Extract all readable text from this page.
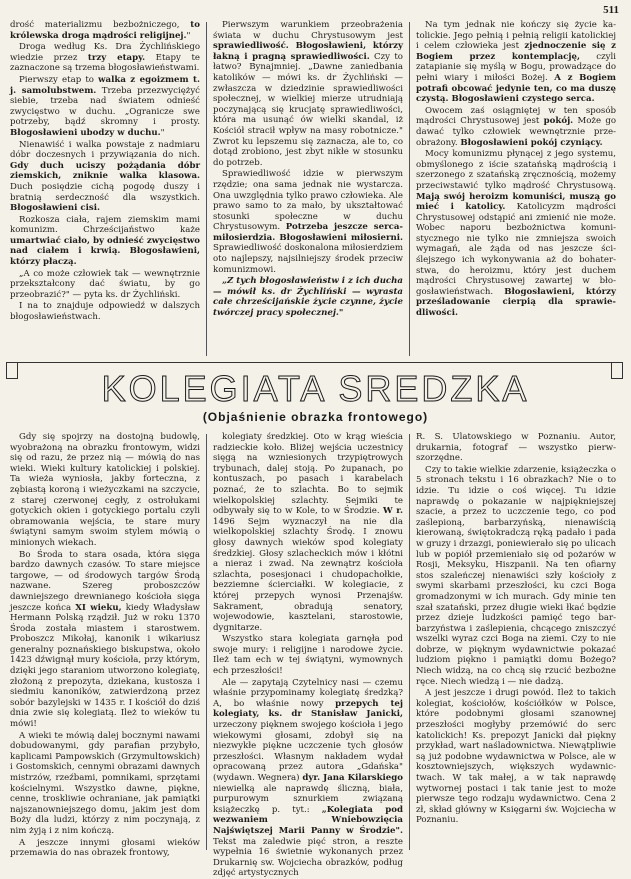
511

drość materializmu bezbożniczego, to królewska droga mądrości religijnej."

Droga według Ks. Dra Żychlińskiego wiedzie przez trzy etapy. Etapy te zaznaczone są trzema błogosławieństwami.

Pierwszy etap to walka z egoizmem t. j. samolubstwem. Trzeba przezwyciężyć siebie, trzeba nad światem odnieść zwycięstwo w duchu. „Ogranicze swe potrzeby, bądź skromny i prosty. Błogosławieni ubodzy w duchu."

Nienawiść i walka powstaje z nadmiaru dóbr doczesnych i przywiązania do nich. Gdy duch uciszy pożądania dóbr ziemskich, zniknie walka klasowa. Duch posiędzie cichą pogodę duszy i bratnią serdeczność dla wszystkich. Błogosławieni cisi.

Rozkosza ciała, rajem ziemskim mami komunizm. Chrześcijaństwo każe umartwiać ciało, by odnieść zwycięstwo nad ciałem i krwią. Błogosławieni, którzy płaczą.

„A co może człowiek tak — wewnętrznie przekształcony dać światu, by go przeobrazić?" — pyta ks. dr Żychliński.

I na to znajduje odpowiedź w dalszych błogosławieństwach.

Pierwszym warunkiem przeobrażenia świata w duchu Chrystusowym jest sprawiedliwość. Błogosławieni, którzy łakną i pragną sprawiedliwości. Czy to łatwo? Bynajmniej. „Dawne zaniedbania katolików — mówi ks. dr Żychliński — zwłaszcza w dziedzinie sprawiedliwości społecznej, w wielkiej mierze utrudniają poczynającą się krucjatę sprawiedliwości, która ma usunąć ów wielki skandal, iż Kościół stracił wpływ na masy robotnicze." Zwrot ku lepszemu się zaznacza, ale to, co dotąd zrobiono, jest zbyt nikłe w stosunku do potrzeb.

Sprawiedliwość idzie w pierwszym rzędzie; ona sama jednak nie wystarcza. Ona uwzględnia tylko prawo człowieka. Ale prawo samo to za mało, by ukształtować stosunki społeczne w duchu Chrystusowym. Potrzeba jeszcze serca-miłosierdzia. Błogosławieni miłosierni. Sprawiedliwość doskonalona miłosierdziem oto najlepszy, najsilniejszy środek przeciw komunizmowi.

„Z tych błogosławieństw i z ich ducha — mówił ks. dr Żychliński — wyrasta całe chrześcijańskie życie czynne, życie twórczej pracy społecznej."

Na tym jednak nie kończy się życie katolickie. Jego pełnią i pełnią religii katolickiej i celem człowieka jest zjednoczenie się z Bogiem przez kontemplację, czyli zatapianie się myślą w Bogu, prowadzące do pełni wiary i miłości Bożej. A z Bogiem potrafi obcować jedynie ten, co ma duszę czystą. Błogosławieni czystego serca.

Owocem zaś osiągniętej w ten sposób mądrości Chrystusowej jest pokój. Może go dawać tylko człowiek wewnętrznie przeobrażony. Błogosławieni pokój czyniący.

Mocy komunizmu płynącej z jego systemu, obmyślonego z iście szatańską mądrością i szerzonego z szatańską zręcznością, możemy przeciwstawić tylko mądrość Chrystusową. Mają swój heroizm komuniści, muszą go mieć i katolicy. Katolicyzm mądrości Chrystusowej odstąpić ani zmienić nie może. Wobec naporu bezbożnictwa komunistycznego nie tylko nie zmniejsza swoich wymagań, ale żąda od nas jeszcze ściślejszego ich wykonywania aż do bohaterstwa, do heroizmu, który jest duchem mądrości Chrystusowej zawartej w błogosławieństwach. Błogosławieni, którzy prześladowanie cierpią dla sprawiedliwości.

KOLEGIATA SREDZKA
(Objaśnienie obrazka frontowego)

Gdy się spojrzy na dostojną budowlę, wyobrażoną na obrazku frontowym, widzi się od razu, że przez nią — mówią do nas wieki. Wieki kultury katolickiej i polskiej. Ta wieża wyniosła, jakby forteczna, z zębiastą koroną i wieżyczkami na szczycie, z starej czerwonej cegły, z ostrołukami gotyckich okien i gotyckiego portalu czyli obramowania wejścia, te stare mury świątyni samym swoim stylem mówią o minionych wiekach.

Bo Środa to stara osada, która sięga bardzo dawnych czasów. To stare miejsce targowe, — od środowych targów Środą nazwane. Szereg proboszczów dawniejszego drewnianego kościoła sięga jeszcze końca XI wieku, kiedy Władysław Hermann Polską rządził. Już w roku 1370 Środa została miastem i starostwem. Proboszcz Mikołaj, kanonik i wikariusz generalny poznańskiego biskupstwa, około 1423 dźwignął mury kościoła, przy którym, dzięki jego staraniom utworzono kolegiatę, złożoną z prepozyta, dziekana, kustosza i siedmiu kanoników, zatwierdzoną przez sobór bazylejski w 1435 r. I kościół do dziś dnia zwie się kolegiatą. Ileż to wieków tu mówi!

A wieki te mówią dalej bocznymi nawami dobudowanymi, gdy parafian przybyło, kaplicami Pampowskich (Grzymultowskich) i Gostomskich, cennymi obrazami dawnych mistrzów, rzeźbami, pomnikami, sprzętami kościelnymi. Wszystko dawne, piękne, cenne, troskliwie ochraniane, jak pamiątki najszanowniejszego domu, jakim jest dom Boży dla ludzi, którzy z nim poczynają, z nim żyją i z nim kończą.

A jeszcze innymi głosami wieków przemawia do nas obrazek frontowy,

kolegiaty średzkiej. Oto w krąg wieścia radzieckie koło. Bliżej wejścia uczestnicy sięgą na wzniesionych trzypiętrowych trybunach, dalej stoją. Po żupanach, po kontuszach, po pasach i karabelach poznać, że to szlachta. Bo to sejmik wielkopolskiej szlachty. Sejmiki te odbywały się to w Kole, to w Środzie. W r. 1496 Sejm wyznaczył na nie dla wielkopolskiej szlachty Środę. I znowu głosy dawnych wieków spod kolegiaty średzkiej. Głosy szlacheckich mów i kłótni a nieraz i zwad. Na zewnątrz kościoła szlachta, posesjonaci i chudopachołkie, bezziemne ścierciałki. W kolegiacie, z której przepych wynosi Przenajśw. Sakrament, obradują senatory, wojewodowie, kasztelani, starostowie, dygnitarze.

Wszystko stara kolegiata garnęła pod swoje mury: i religijne i narodowe życie. Ileż tam ech w tej świątyni, wymownych ech przeszłości!

Ale — zapytają Czytelnicy nasi — czemu właśnie przypominamy kolegiatę średzką? A, bo właśnie nowy przepych tej kolegiaty, ks. dr Stanisław Janicki, urzeczony pięknem swojego kościoła i jego wiekowymi głosami, zdobył się na niezwykłe piękne uczczenie tych głosów przeszłości. Własnym nakładem wydał opracowaną przez autora „Gdańska" (wydawn. Wegnera) dyr. Jana Kilarskiego niewielką ale naprawdę śliczną, biała, purpurowym sznurkiem związaną książeczkę p. tyt.: „Kolegiata pod wezwaniem Wniebowzięcia Najświętszej Marii Panny w Środzie". Tekst ma zaledwie pięć stron, a reszte wypełnia 16 świetnie wykonanych przez Drukarnię sw. Wojciecha obrazków, podług zdjęć artystycznych

R. S. Ulatowskiego w Poznaniu. Autor, drukarnia, fotograf — wszystko pierwszorzędne.

Czy to takie wielkie zdarzenie, książeczka o 5 stronach tekstu i 16 obrazkach? Nie o to idzie. Tu idzie o coś więcej. Tu idzie naprawdę o pokazanie w najpiękniejszej szacie, a przez to uczczenie tego, co pod zaślepioną, barbarzyńską, nienawiścią kierowaną, świętokradczą ręką padało i pada w gruzy i drzazgi, poniewierało się po ulicach lub w popiół przemieniało się od pożarów w Rosji, Meksyku, Hiszpanii. Na ten ofiarny stos szaleńczej nienawiści szły kościoły z swymi skarbami przeszłości, ku czci Boga gromadzonymi w ich murach. Gdy minie ten szał szatański, przez długie wieki łkać będzie przez dzieje ludzkości pamięć tego barbarzyństwa i zaślepienia, chcącego zniszczyć wszelki wyraz czci Boga na ziemi. Czy to nie dobrze, w pięknym wydawnictwie pokazać ludziom piękno i pamiątki domu Bożego? Niech widzą, na co chcą się rzucić bezbożne ręce. Niech wiedzą i — nie dadzą.

A jest jeszcze i drugi powód. Ileż to takich kolegiat, kościołów, kościółków w Polsce, które podobnymi głosami szanownej przeszłości mogłyby przemówić do serc katolickich! Ks. prepozyt Janicki dał piękny przykład, wart naśladownictwa. Niewątpliwie są już podobne wydawnictwa w Polsce, ale w kosztowniejszych, większych wydawnictwach. W tak małej, a w tak naprawdę wytwornej postaci i tak tanie jest to może pierwsze tego rodzaju wydawnictwo. Cena 2 zł, skład główny w Księgarni św. Wojciecha w Poznaniu.
